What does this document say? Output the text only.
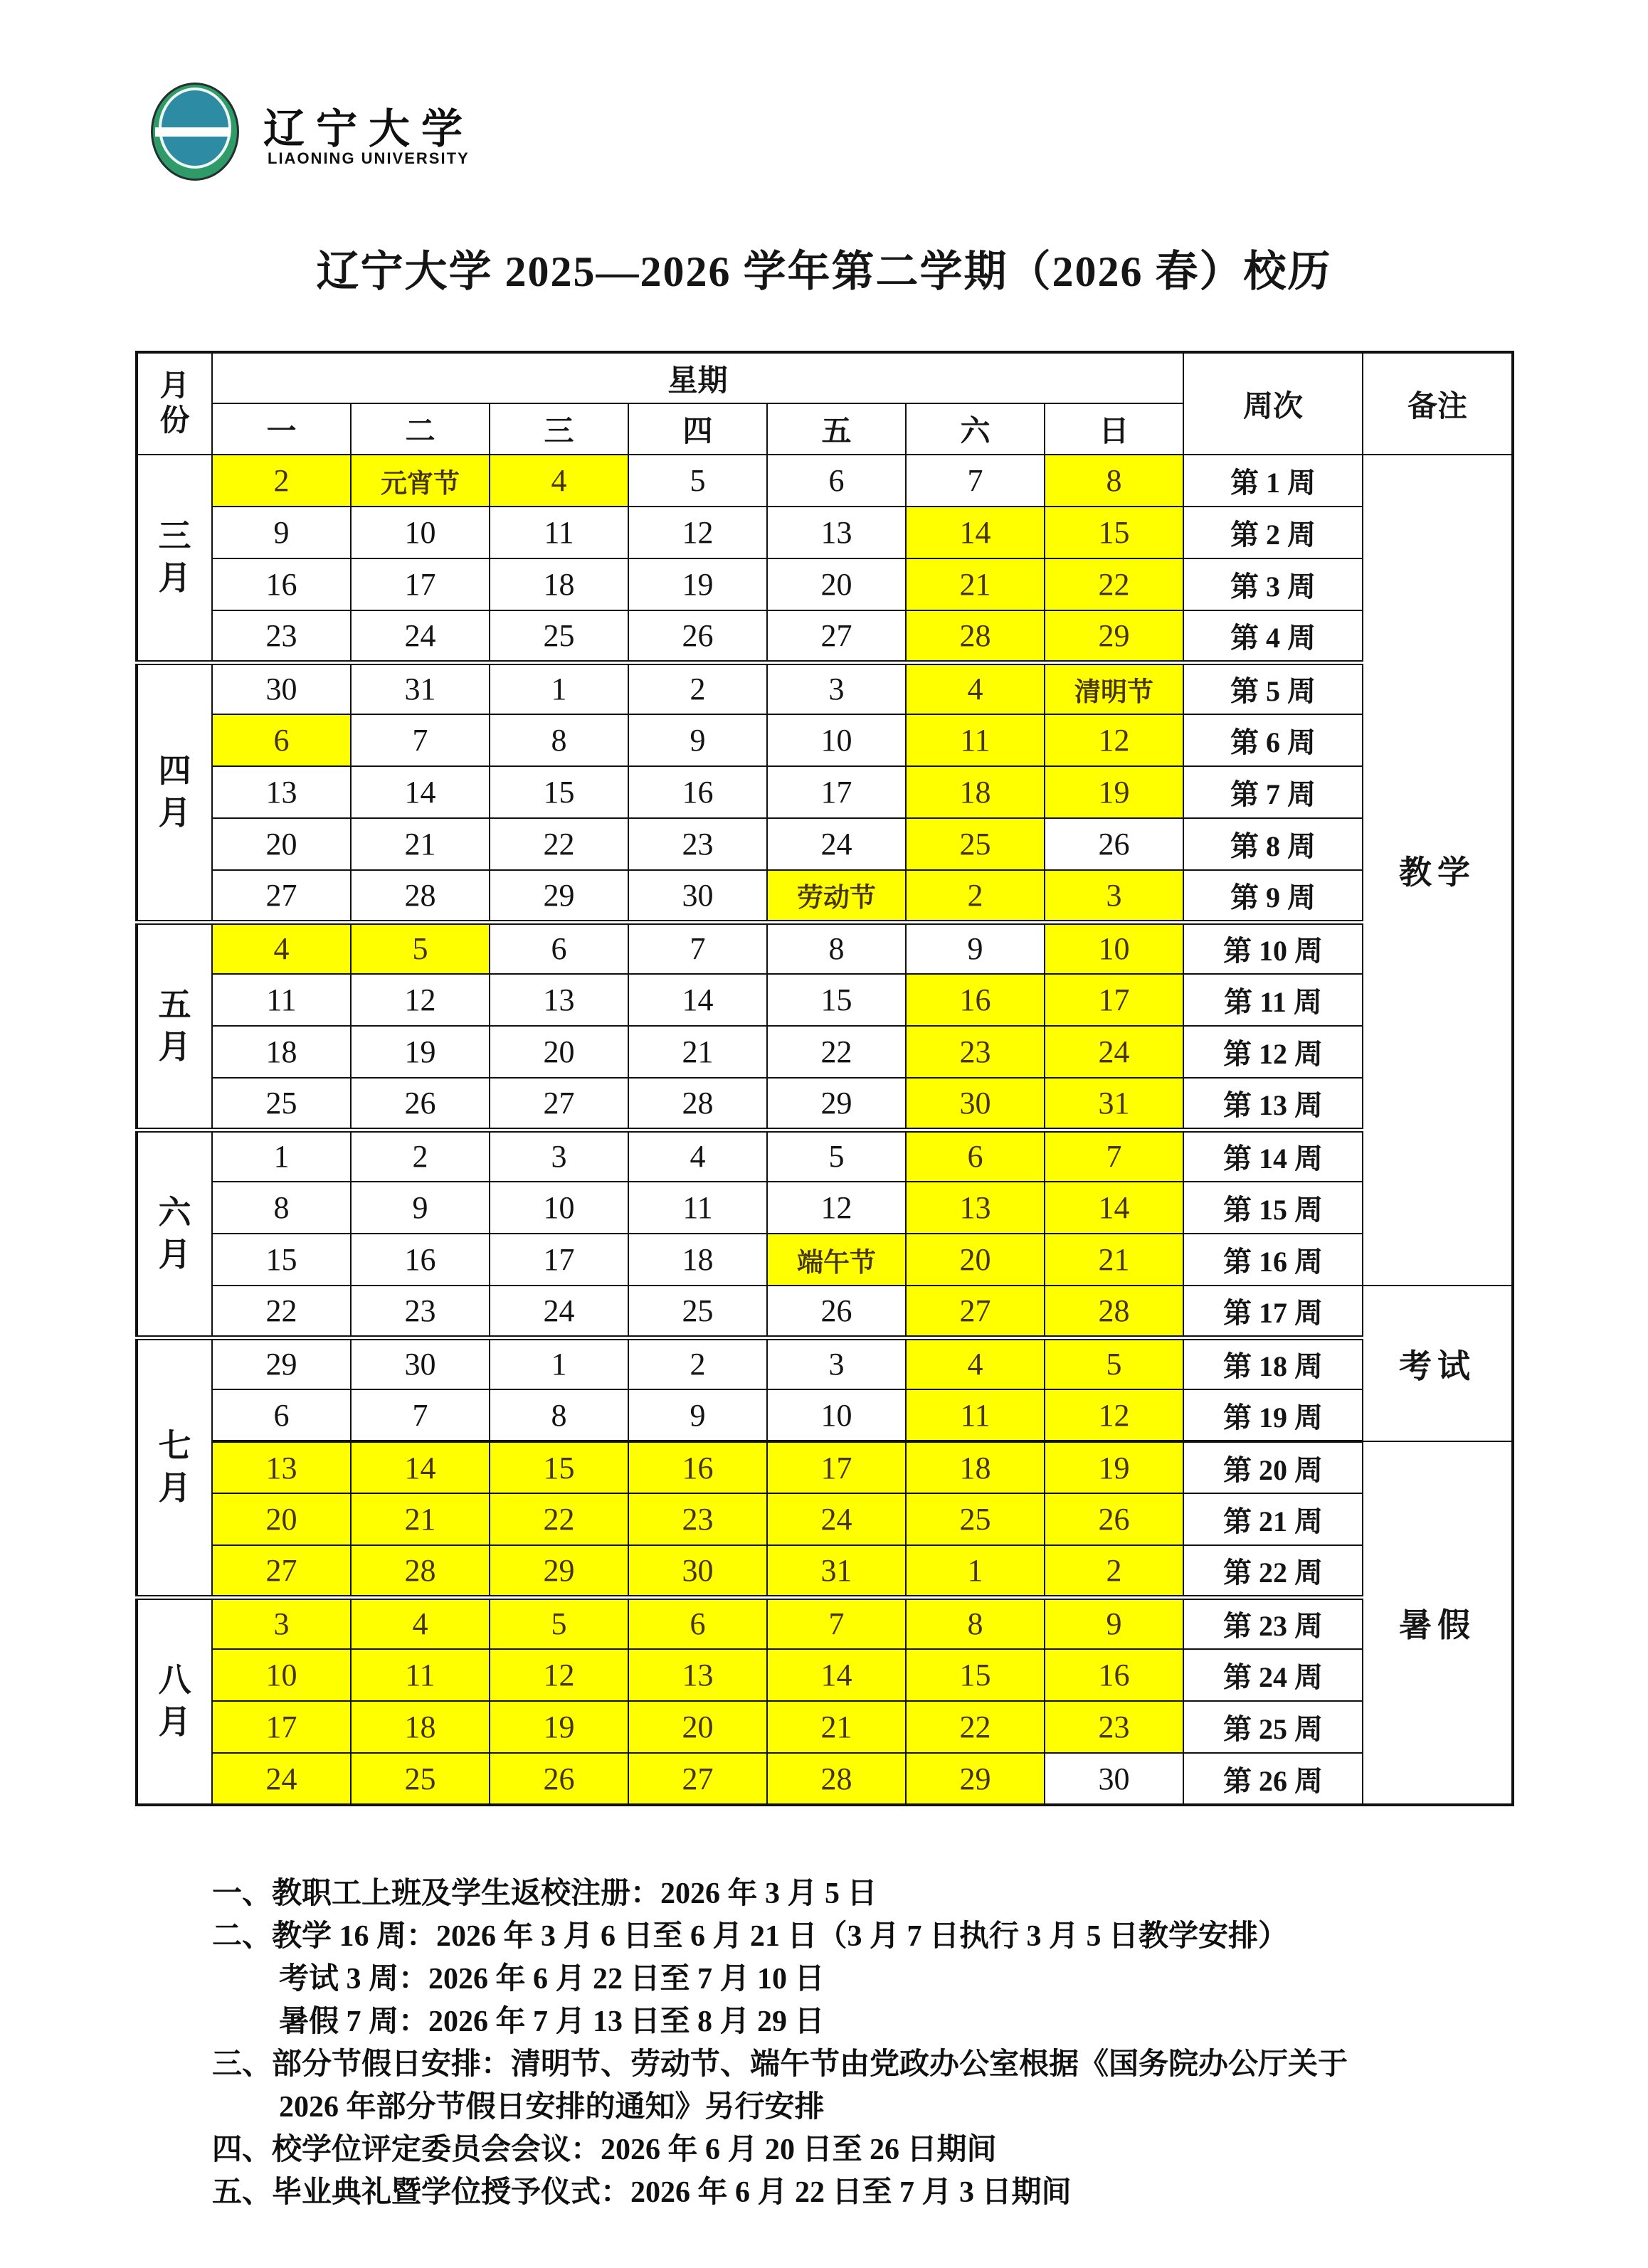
辽宁大学
LIAONING UNIVERSITY
辽宁大学 2025—2026 学年第二学期（2026 春）校历
月
份	星期							周次	备注
	一	二	三	四	五	六	日		

三
月	2	元宵节	4	5	6	7	8	第 1 周	教学
	9	10	11	12	13	14	15	第 2 周	
	16	17	18	19	20	21	22	第 3 周	
	23	24	25	26	27	28	29	第 4 周	

四
月	30	31	1	2	3	4	清明节	第 5 周	
	6	7	8	9	10	11	12	第 6 周	
	13	14	15	16	17	18	19	第 7 周	
	20	21	22	23	24	25	26	第 8 周	
	27	28	29	30	劳动节	2	3	第 9 周	

五
月	4	5	6	7	8	9	10	第 10 周	
	11	12	13	14	15	16	17	第 11 周	
	18	19	20	21	22	23	24	第 12 周	
	25	26	27	28	29	30	31	第 13 周	

六
月	1	2	3	4	5	6	7	第 14 周	
	8	9	10	11	12	13	14	第 15 周	
	15	16	17	18	端午节	20	21	第 16 周	
	22	23	24	25	26	27	28	第 17 周	考试

七
月	29	30	1	2	3	4	5	第 18 周	
	6	7	8	9	10	11	12	第 19 周	
	13	14	15	16	17	18	19	第 20 周	暑假
	20	21	22	23	24	25	26	第 21 周	
	27	28	29	30	31	1	2	第 22 周	

八
月	3	4	5	6	7	8	9	第 23 周	
	10	11	12	13	14	15	16	第 24 周	
	17	18	19	20	21	22	23	第 25 周	
	24	25	26	27	28	29	30	第 26 周	
一、教职工上班及学生返校注册：2026 年 3 月 5 日
二、教学 16 周：2026 年 3 月 6 日至 6 月 21 日（3 月 7 日执行 3 月 5 日教学安排）
考试 3 周：2026 年 6 月 22 日至 7 月 10 日
暑假 7 周：2026 年 7 月 13 日至 8 月 29 日
三、部分节假日安排：清明节、劳动节、端午节由党政办公室根据《国务院办公厅关于
2026 年部分节假日安排的通知》另行安排
四、校学位评定委员会会议：2026 年 6 月 20 日至 26 日期间
五、毕业典礼暨学位授予仪式：2026 年 6 月 22 日至 7 月 3 日期间
